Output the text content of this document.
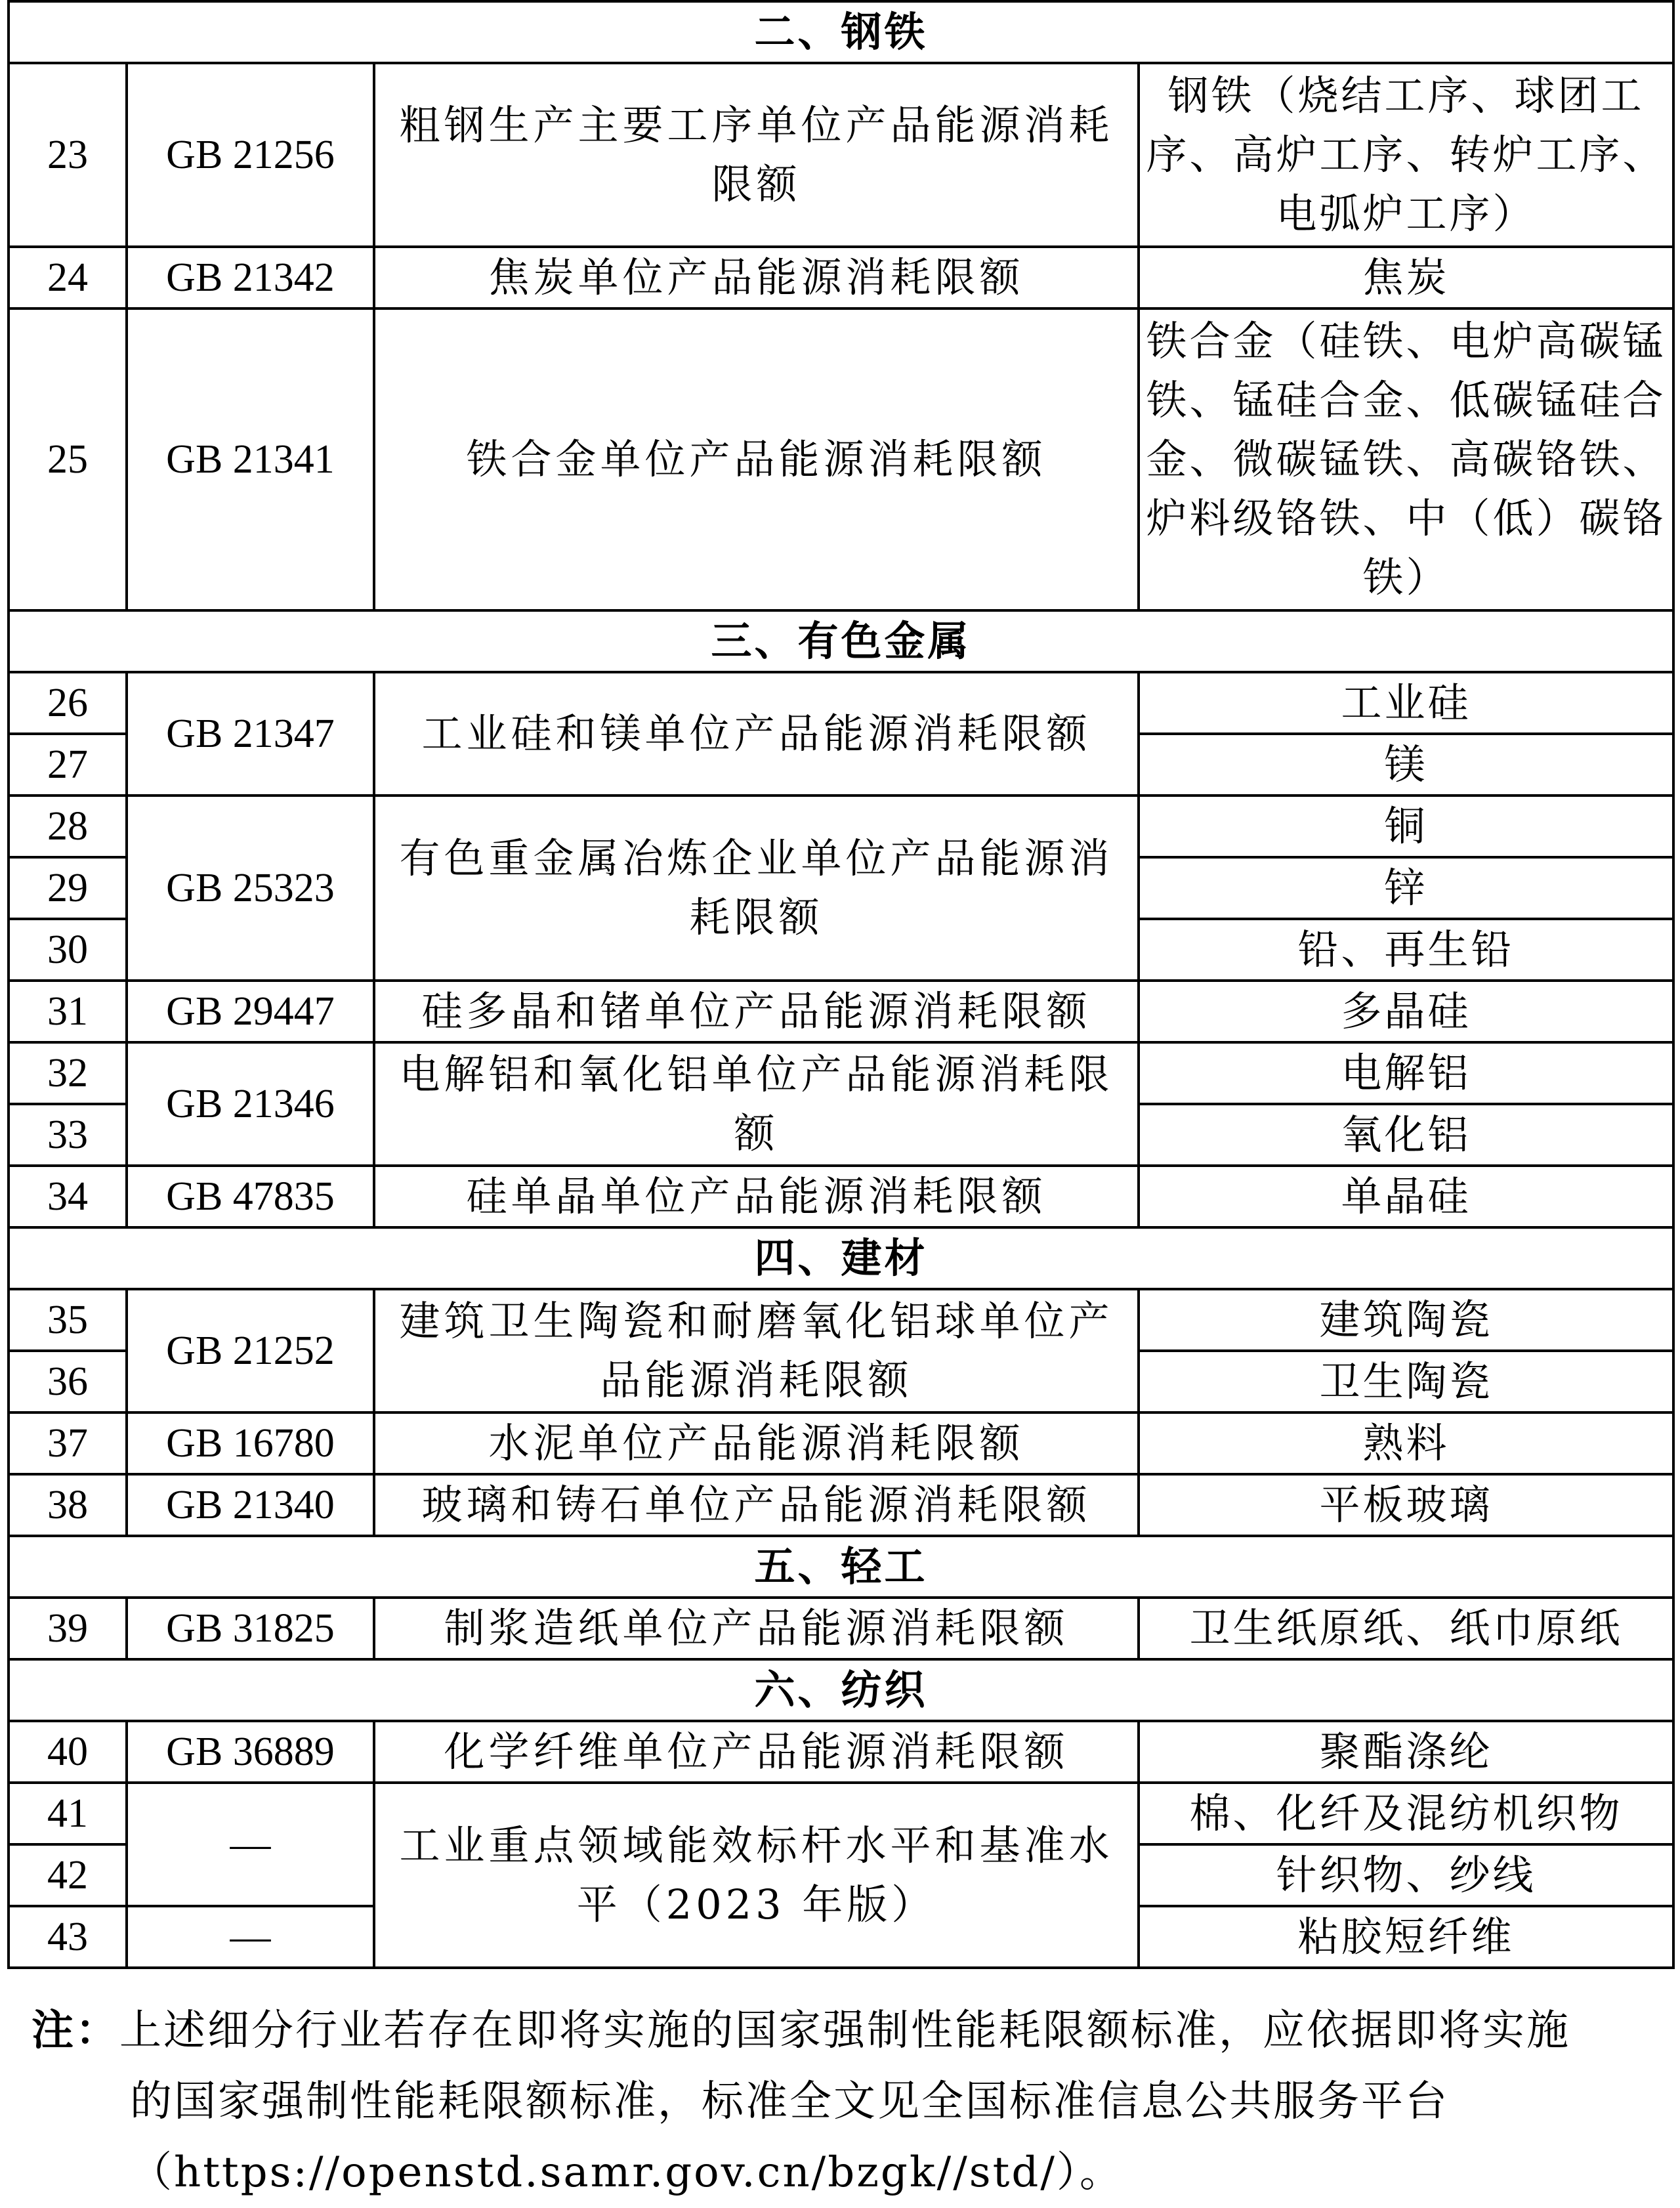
二、钢铁			
23	GB 21256	粗钢生产主要工序单位产品能源消耗限额	钢铁（烧结工序、球团工序、高炉工序、转炉工序、电弧炉工序）
24	GB 21342	焦炭单位产品能源消耗限额	焦炭
25	GB 21341	铁合金单位产品能源消耗限额	铁合金（硅铁、电炉高碳锰铁、锰硅合金、低碳锰硅合金、微碳锰铁、高碳铬铁、炉料级铬铁、中（低）碳铬铁）
三、有色金属			
26	GB 21347	工业硅和镁单位产品能源消耗限额	工业硅
27			镁
28	GB 25323	有色重金属冶炼企业单位产品能源消耗限额	铜
29			锌
30			铅、再生铅
31	GB 29447	硅多晶和锗单位产品能源消耗限额	多晶硅
32	GB 21346	电解铝和氧化铝单位产品能源消耗限额	电解铝
33			氧化铝
34	GB 47835	硅单晶单位产品能源消耗限额	单晶硅
四、建材			
35	GB 21252	建筑卫生陶瓷和耐磨氧化铝球单位产品能源消耗限额	建筑陶瓷
36			卫生陶瓷
37	GB 16780	水泥单位产品能源消耗限额	熟料
38	GB 21340	玻璃和铸石单位产品能源消耗限额	平板玻璃
五、轻工			
39	GB 31825	制浆造纸单位产品能源消耗限额	卫生纸原纸、纸巾原纸
六、纺织			
40	GB 36889	化学纤维单位产品能源消耗限额	聚酯涤纶
41	—	工业重点领域能效标杆水平和基准水平（2023 年版）	棉、化纤及混纺机织物
42			针织物、纱线
43	—		粘胶短纤维
注：上述细分行业若存在即将实施的国家强制性能耗限额标准，应依据即将实施
的国家强制性能耗限额标准，标准全文见全国标准信息公共服务平台
（https://openstd.samr.gov.cn/bzgk//std/）。
